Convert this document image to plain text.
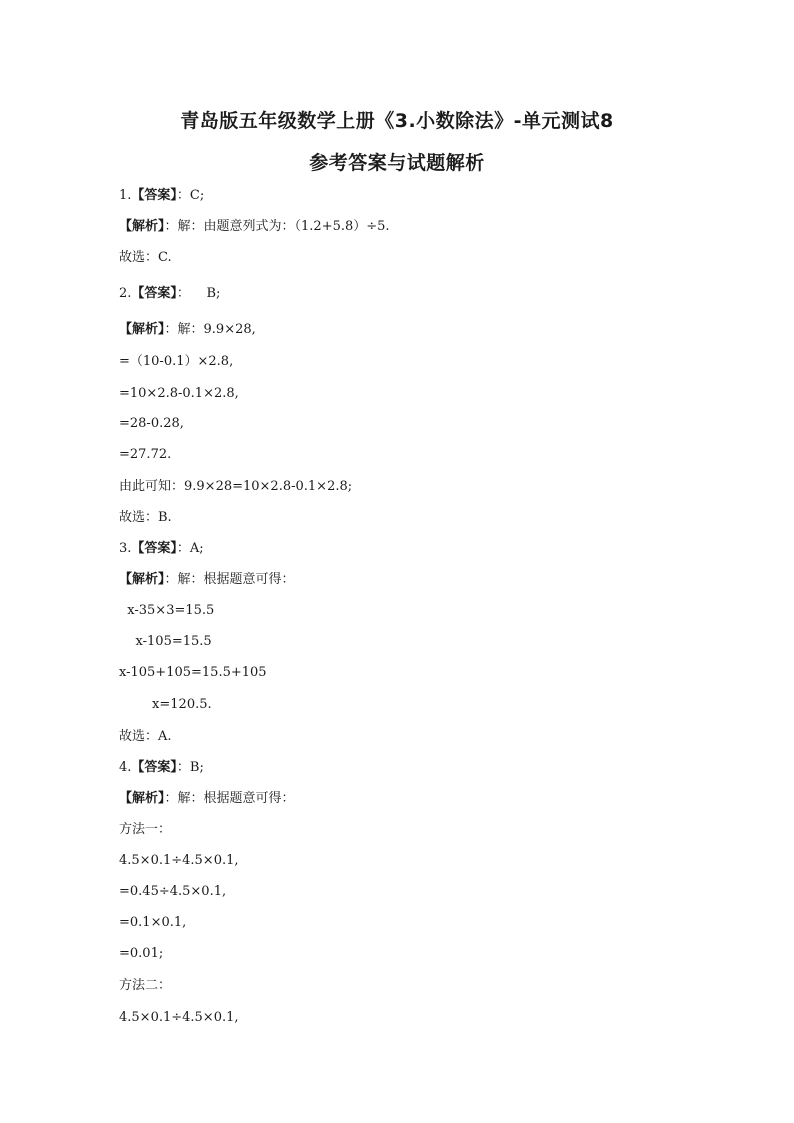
青岛版五年级数学上册《3.小数除法》-单元测试8
参考答案与试题解析
1.【答案】：C;
【解析】：解：由题意列式为：（1.2+5.8）÷5.
故选：C.
2.【答案】：    B;
【解析】：解：9.9×28,
=（10-0.1）×2.8,
=10×2.8-0.1×2.8,
=28-0.28,
=27.72.
由此可知：9.9×28=10×2.8-0.1×2.8;
故选：B.
3.【答案】：A;
【解析】：解：根据题意可得：
x-35×3=15.5
x-105=15.5
x-105+105=15.5+105
x=120.5.
故选：A.
4.【答案】：B;
【解析】：解：根据题意可得：
方法一：
4.5×0.1÷4.5×0.1,
=0.45÷4.5×0.1,
=0.1×0.1,
=0.01;
方法二：
4.5×0.1÷4.5×0.1,
